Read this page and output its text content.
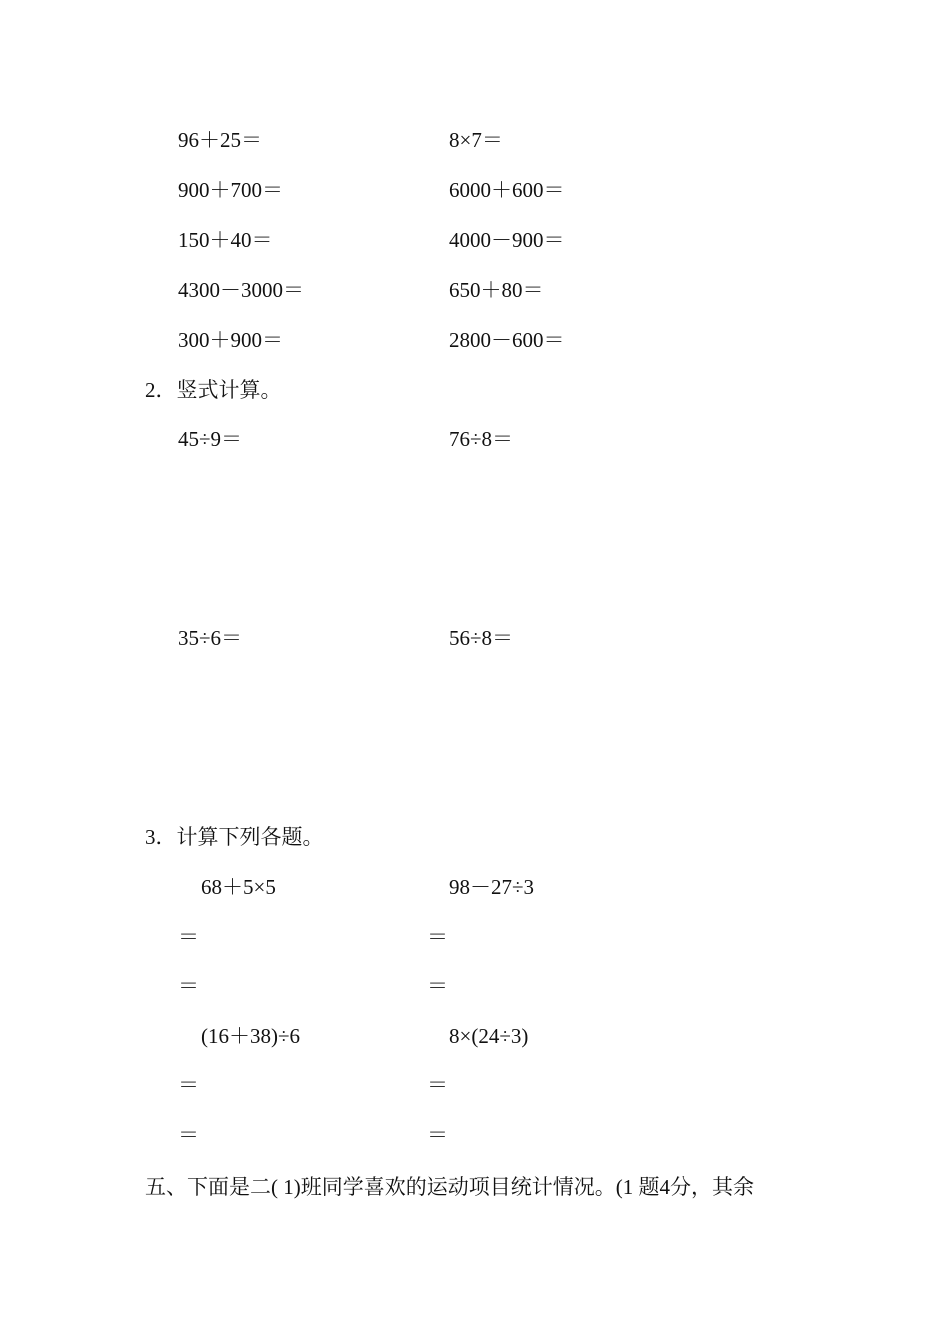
96＋25＝	8×7＝
900＋700＝	6000＋600＝
150＋40＝	4000－900＝
4300－3000＝	650＋80＝
300＋900＝	2800－600＝
2．竖式计算。
45÷9＝	76÷8＝
35÷6＝	56÷8＝
3．计算下列各题。
68＋5×5	98－27÷3
＝	＝
＝	＝
(16＋38)÷6	8×(24÷3)
＝	＝
＝	＝
五、下面是二( 1)班同学喜欢的运动项目统计情况。(1 题4分，其余
